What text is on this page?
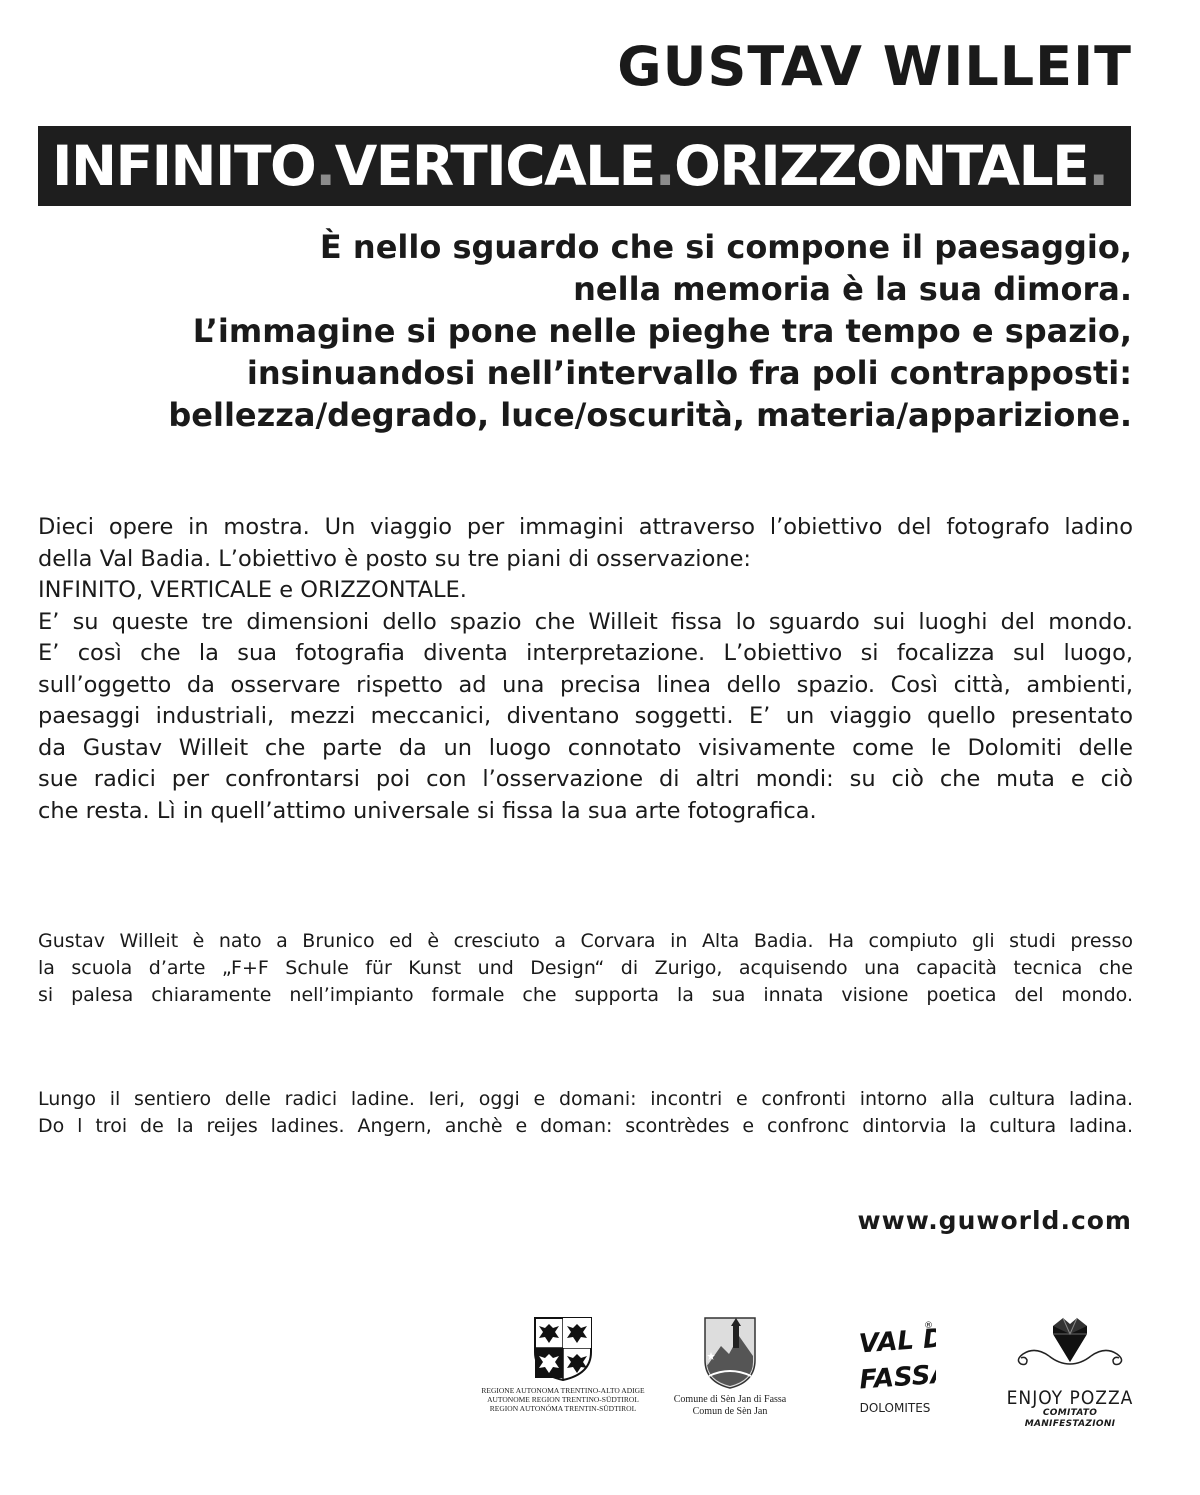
GUSTAV WILLEIT
INFINITO . VERTICALE . ORIZZONTALE .
È nello sguardo che si compone il paesaggio,
nella memoria è la sua dimora.
L’immagine si pone nelle pieghe tra tempo e spazio,
insinuandosi nell’intervallo fra poli contrapposti:
bellezza/degrado, luce/oscurità, materia/apparizione.
Dieci opere in mostra. Un viaggio per immagini attraverso l’obiettivo del fotografo ladino
della Val Badia. L’obiettivo è posto su tre piani di osservazione:
INFINITO, VERTICALE e ORIZZONTALE.
E’ su queste tre dimensioni dello spazio che Willeit fissa lo sguardo sui luoghi del mondo.
E’ così che la sua fotografia diventa interpretazione. L’obiettivo si focalizza sul luogo,
sull’oggetto da osservare rispetto ad una precisa linea dello spazio. Così città, ambienti,
paesaggi industriali, mezzi meccanici, diventano soggetti. E’ un viaggio quello presentato
da Gustav Willeit che parte da un luogo connotato visivamente come le Dolomiti delle
sue radici per confrontarsi poi con l’osservazione di altri mondi: su ciò che muta e ciò
che resta. Lì in quell’attimo universale si fissa la sua arte fotografica.
Gustav Willeit è nato a Brunico ed è cresciuto a Corvara in Alta Badia. Ha compiuto gli studi presso
la scuola d’arte „F+F Schule für Kunst und Design“ di Zurigo, acquisendo una capacità tecnica che
si palesa chiaramente nell’impianto formale che supporta la sua innata visione poetica del mondo.
Lungo il sentiero delle radici ladine. Ieri, oggi e domani: incontri e confronti intorno alla cultura ladina.
Do l troi de la reijes ladines. Angern, anchè e doman: scontrèdes e confronc dintorvia la cultura ladina.
www.guworld.com
REGIONE AUTONOMA TRENTINO-ALTO ADIGE
AUTONOME REGION TRENTINO-SÜDTIROL
REGION AUTONÓMA TRENTIN-SÜDTIROL
Comune di Sèn Jan di Fassa
Comun de Sèn Jan
VAL DI
FASSA
®
DOLOMITES	ENJOY POZZA
COMITATO MANIFESTAZIONI
